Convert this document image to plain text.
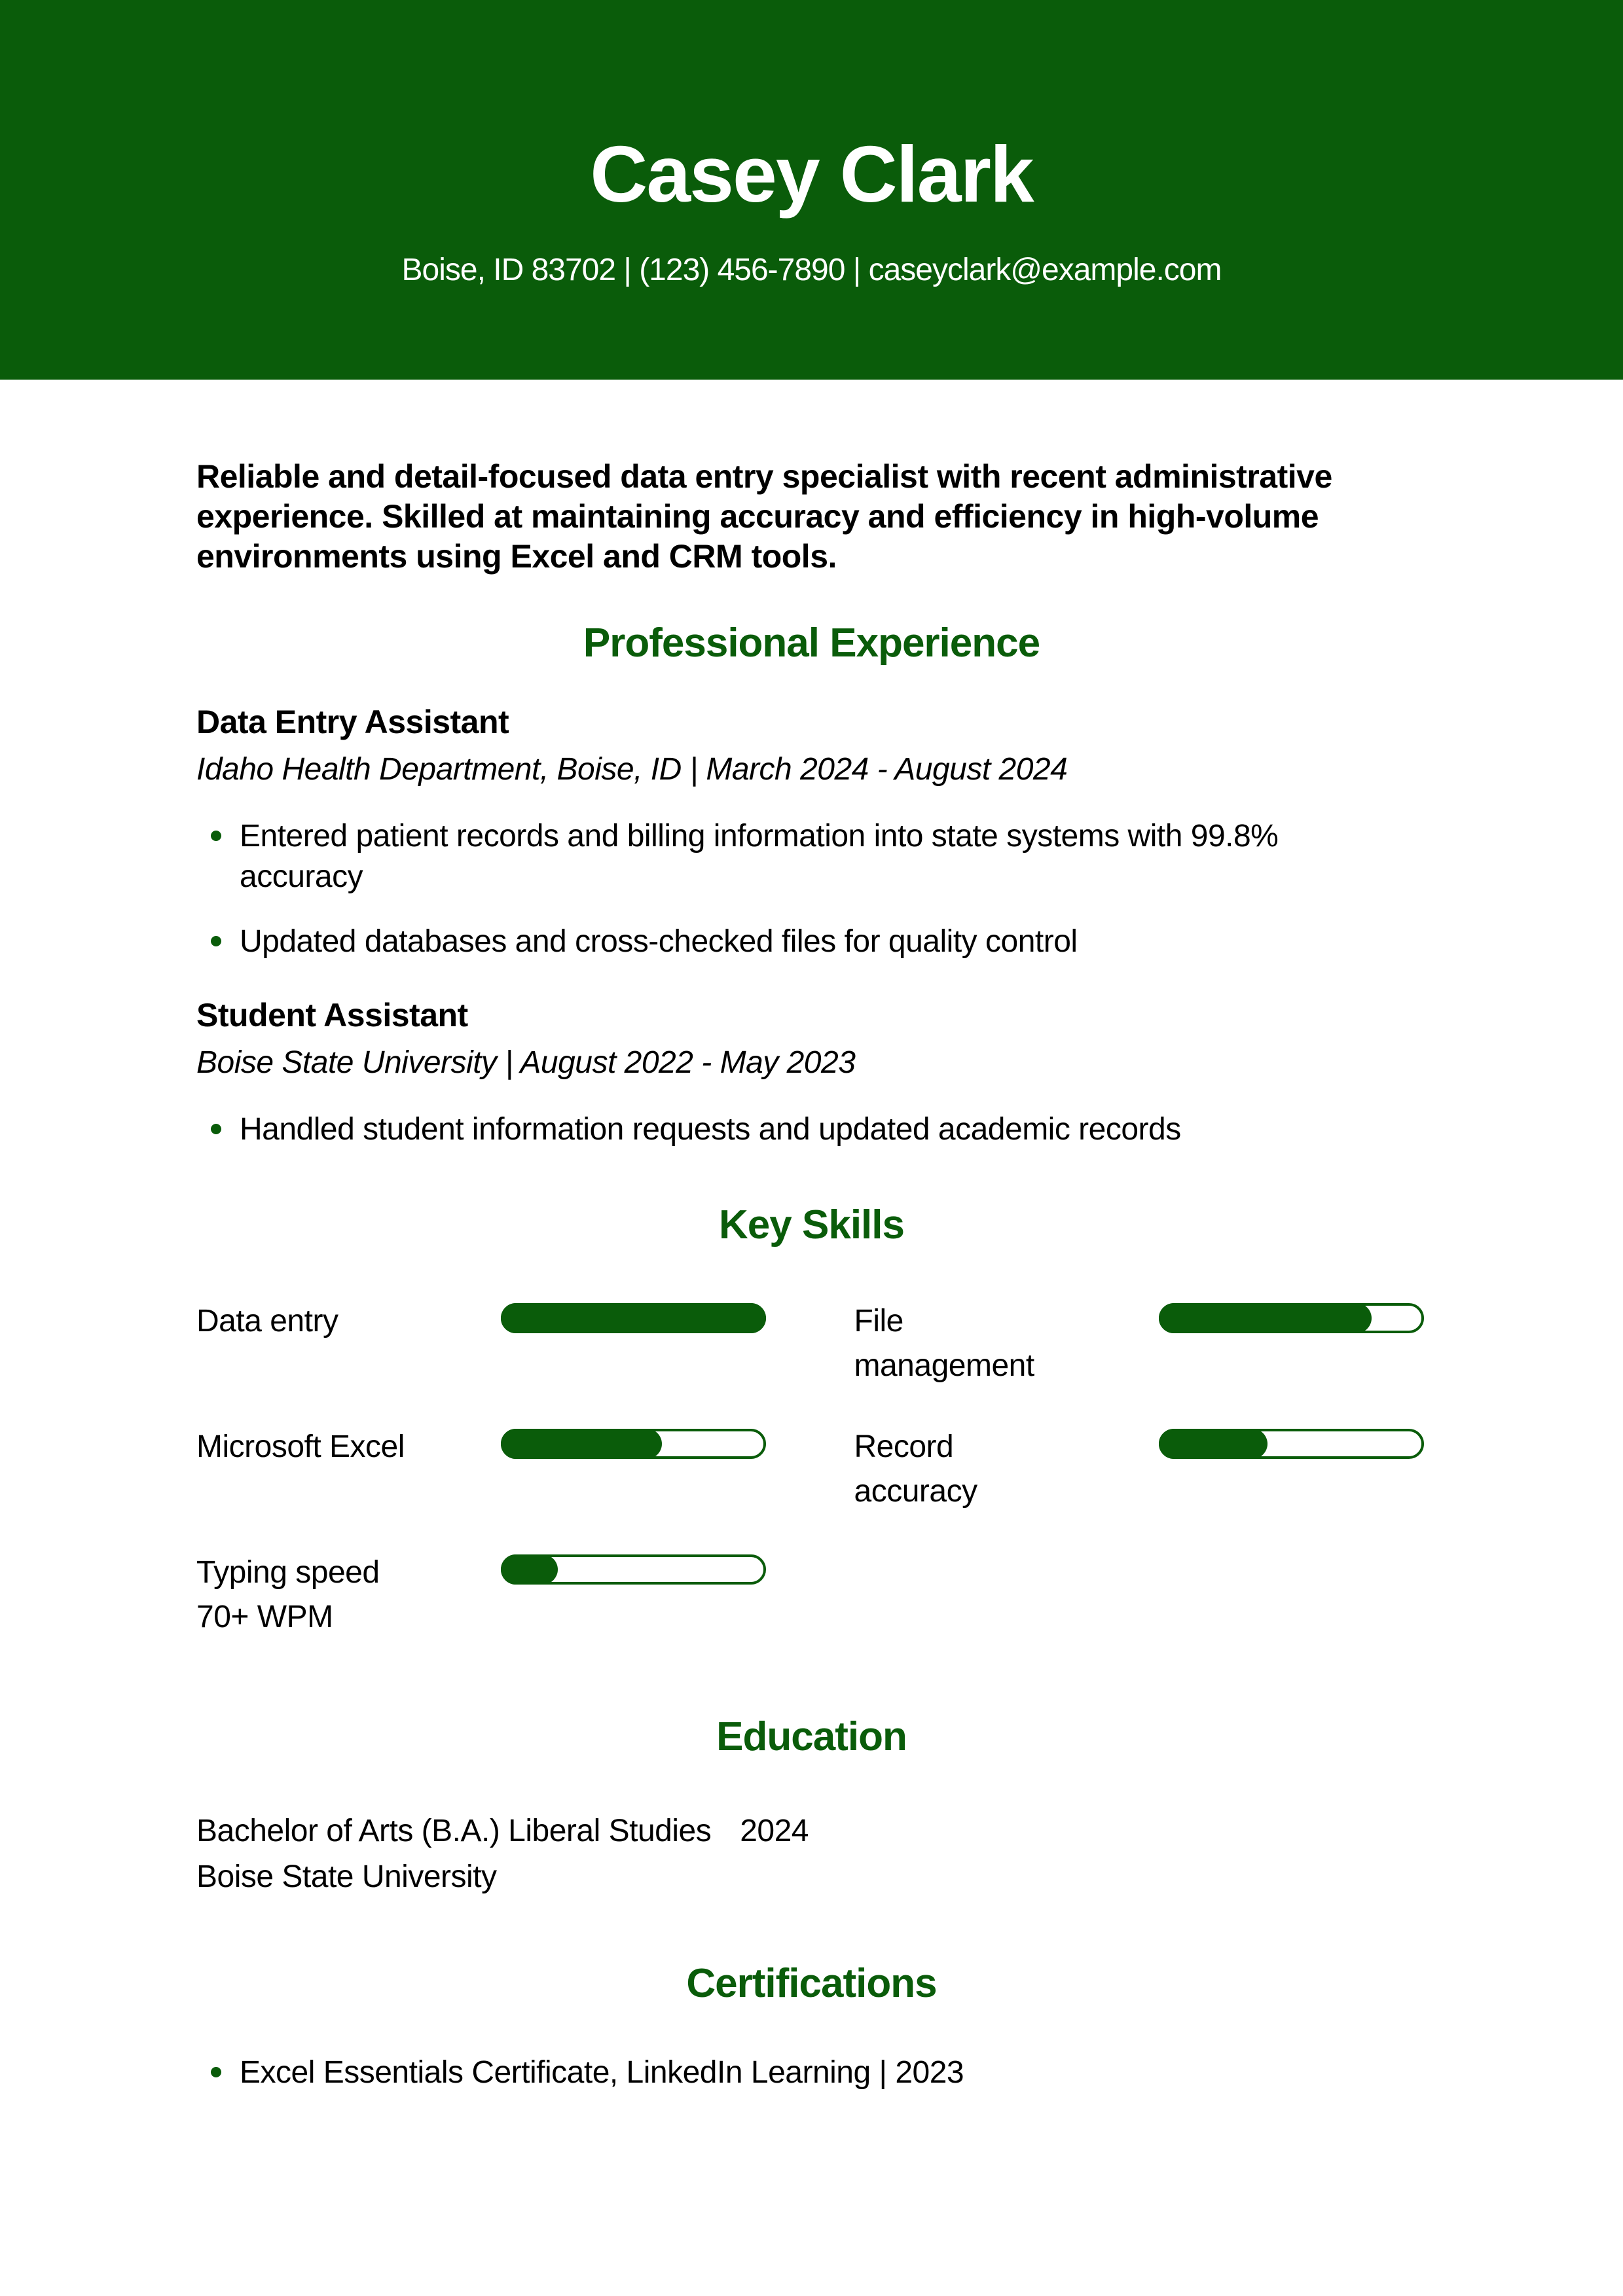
Casey Clark
Boise, ID 83702 | (123) 456-7890 | caseyclark@example.com

Reliable and detail-focused data entry specialist with recent administrative experience. Skilled at maintaining accuracy and efficiency in high-volume environments using Excel and CRM tools.

Professional Experience
Data Entry Assistant

Idaho Health Department, Boise, ID | March 2024 - August 2024

Entered patient records and billing information into state systems with 99.8% accuracy
Updated databases and cross-checked files for quality control
Student Assistant

Boise State University | August 2022 - May 2023

Handled student information requests and updated academic records
Key Skills
Data entry	File management
Microsoft Excel	Record accuracy
Typing speed 70+ WPM
Education

Bachelor of Arts (B.A.) Liberal Studies 2024

Boise State University

Certifications
Excel Essentials Certificate, LinkedIn Learning | 2023
